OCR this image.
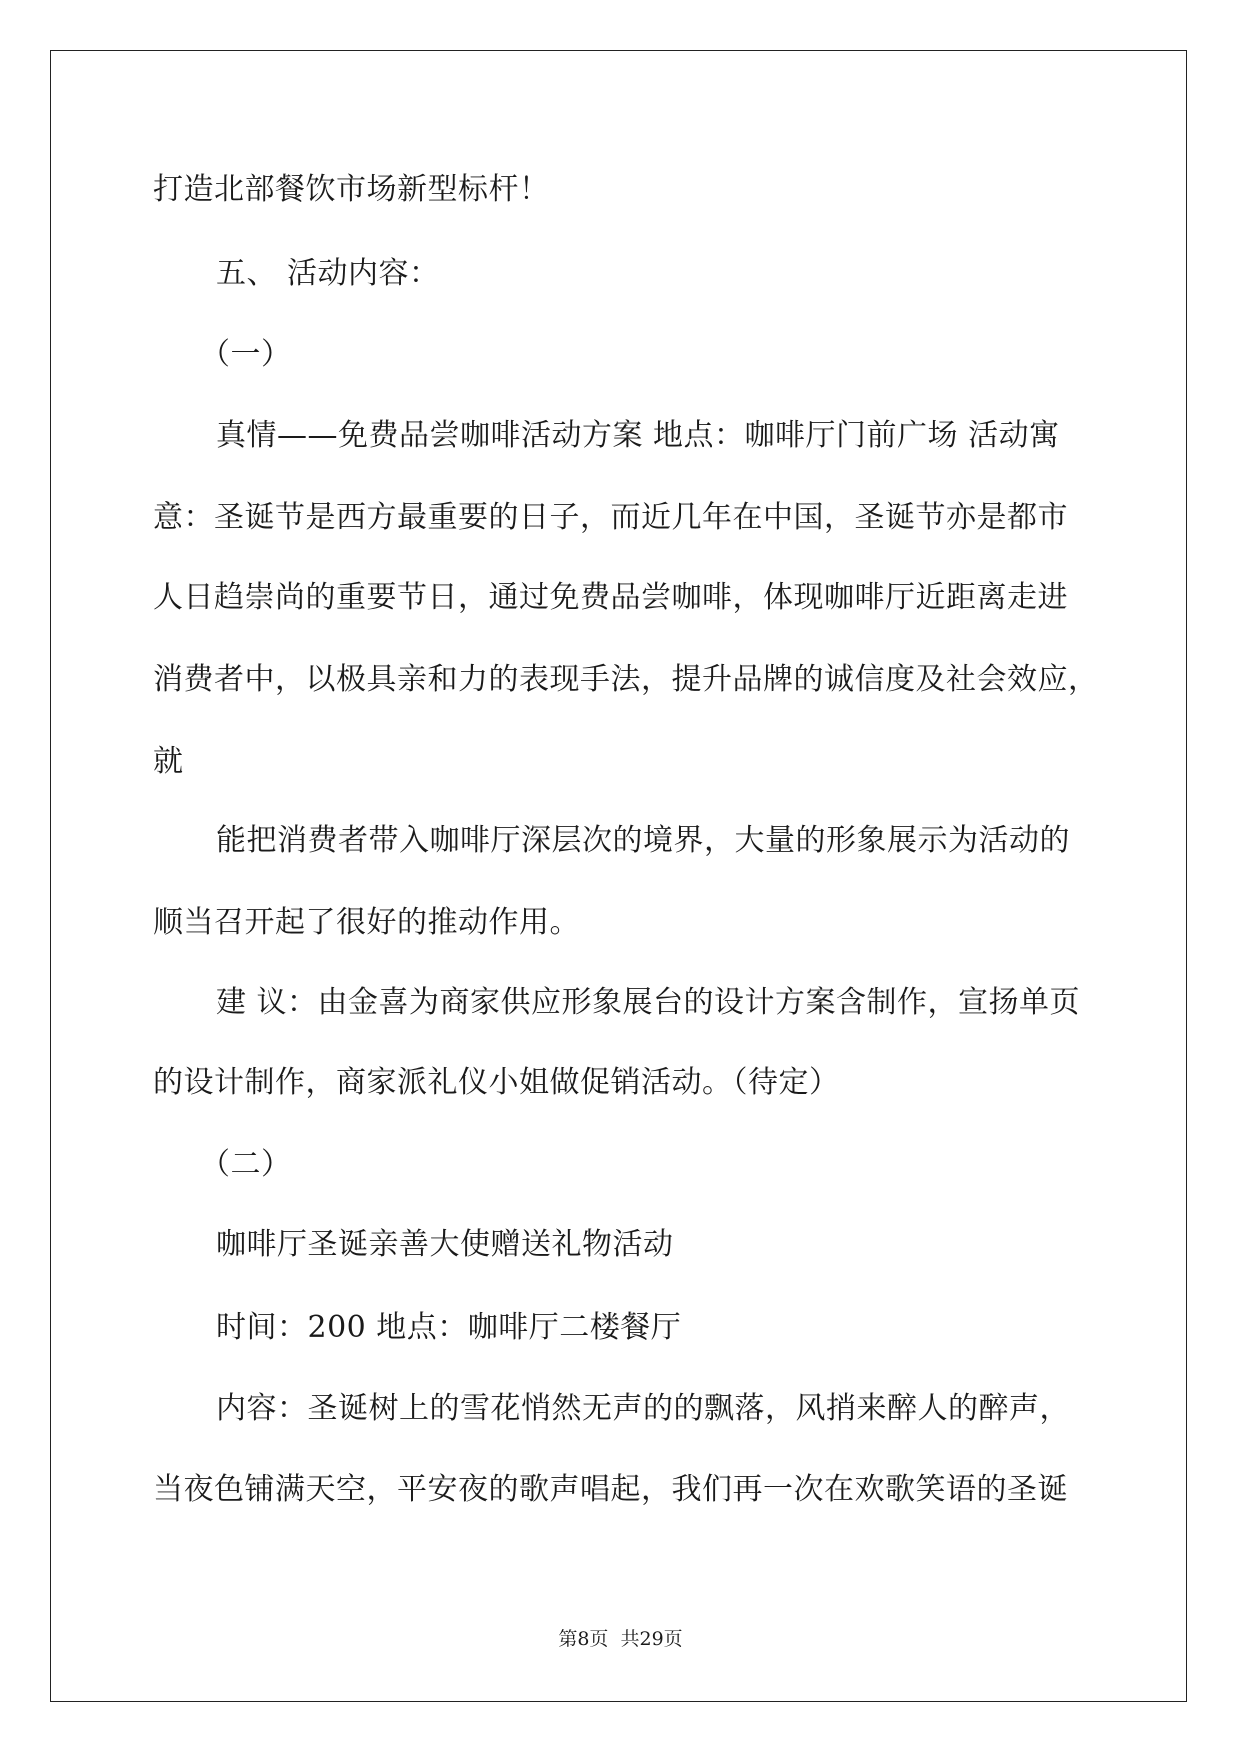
打造北部餐饮市场新型标杆！
五、 活动内容：
（一）
真情——免费品尝咖啡活动方案 地点：咖啡厅门前广场 活动寓
意：圣诞节是西方最重要的日子，而近几年在中国，圣诞节亦是都市
人日趋崇尚的重要节日，通过免费品尝咖啡，体现咖啡厅近距离走进
消费者中，以极具亲和力的表现手法，提升品牌的诚信度及社会效应，
就
能把消费者带入咖啡厅深层次的境界，大量的形象展示为活动的
顺当召开起了很好的推动作用。
建 议：由金喜为商家供应形象展台的设计方案含制作，宣扬单页
的设计制作，商家派礼仪小姐做促销活动。（待定）
（二）
咖啡厅圣诞亲善大使赠送礼物活动
时间：200 地点：咖啡厅二楼餐厅
内容：圣诞树上的雪花悄然无声的的飘落，风捎来醉人的醉声，
当夜色铺满天空，平安夜的歌声唱起，我们再一次在欢歌笑语的圣诞
第8页  共29页
